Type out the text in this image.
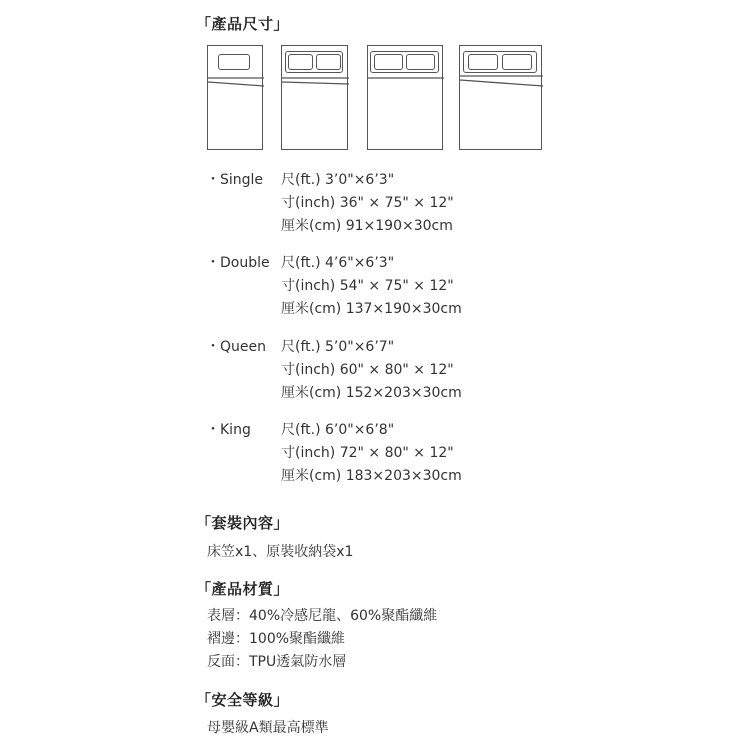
「產品尺寸」
・Single 尺(ft.) 3’0"×6’3"
寸(inch) 36" × 75" × 12"
厘米(cm) 91×190×30cm
・Double 尺(ft.) 4’6"×6’3"
寸(inch) 54" × 75" × 12"
厘米(cm) 137×190×30cm
・Queen 尺(ft.) 5’0"×6’7"
寸(inch) 60" × 80" × 12"
厘米(cm) 152×203×30cm
・King 尺(ft.) 6’0"×6’8"
寸(inch) 72" × 80" × 12"
厘米(cm) 183×203×30cm
「套裝內容」
床笠x1、原裝收納袋x1
「產品材質」
表層：40%冷感尼龍、60%聚酯纖維
褶邊：100%聚酯纖維
反面：TPU透氣防水層
「安全等級」
母嬰級A類最高標準
